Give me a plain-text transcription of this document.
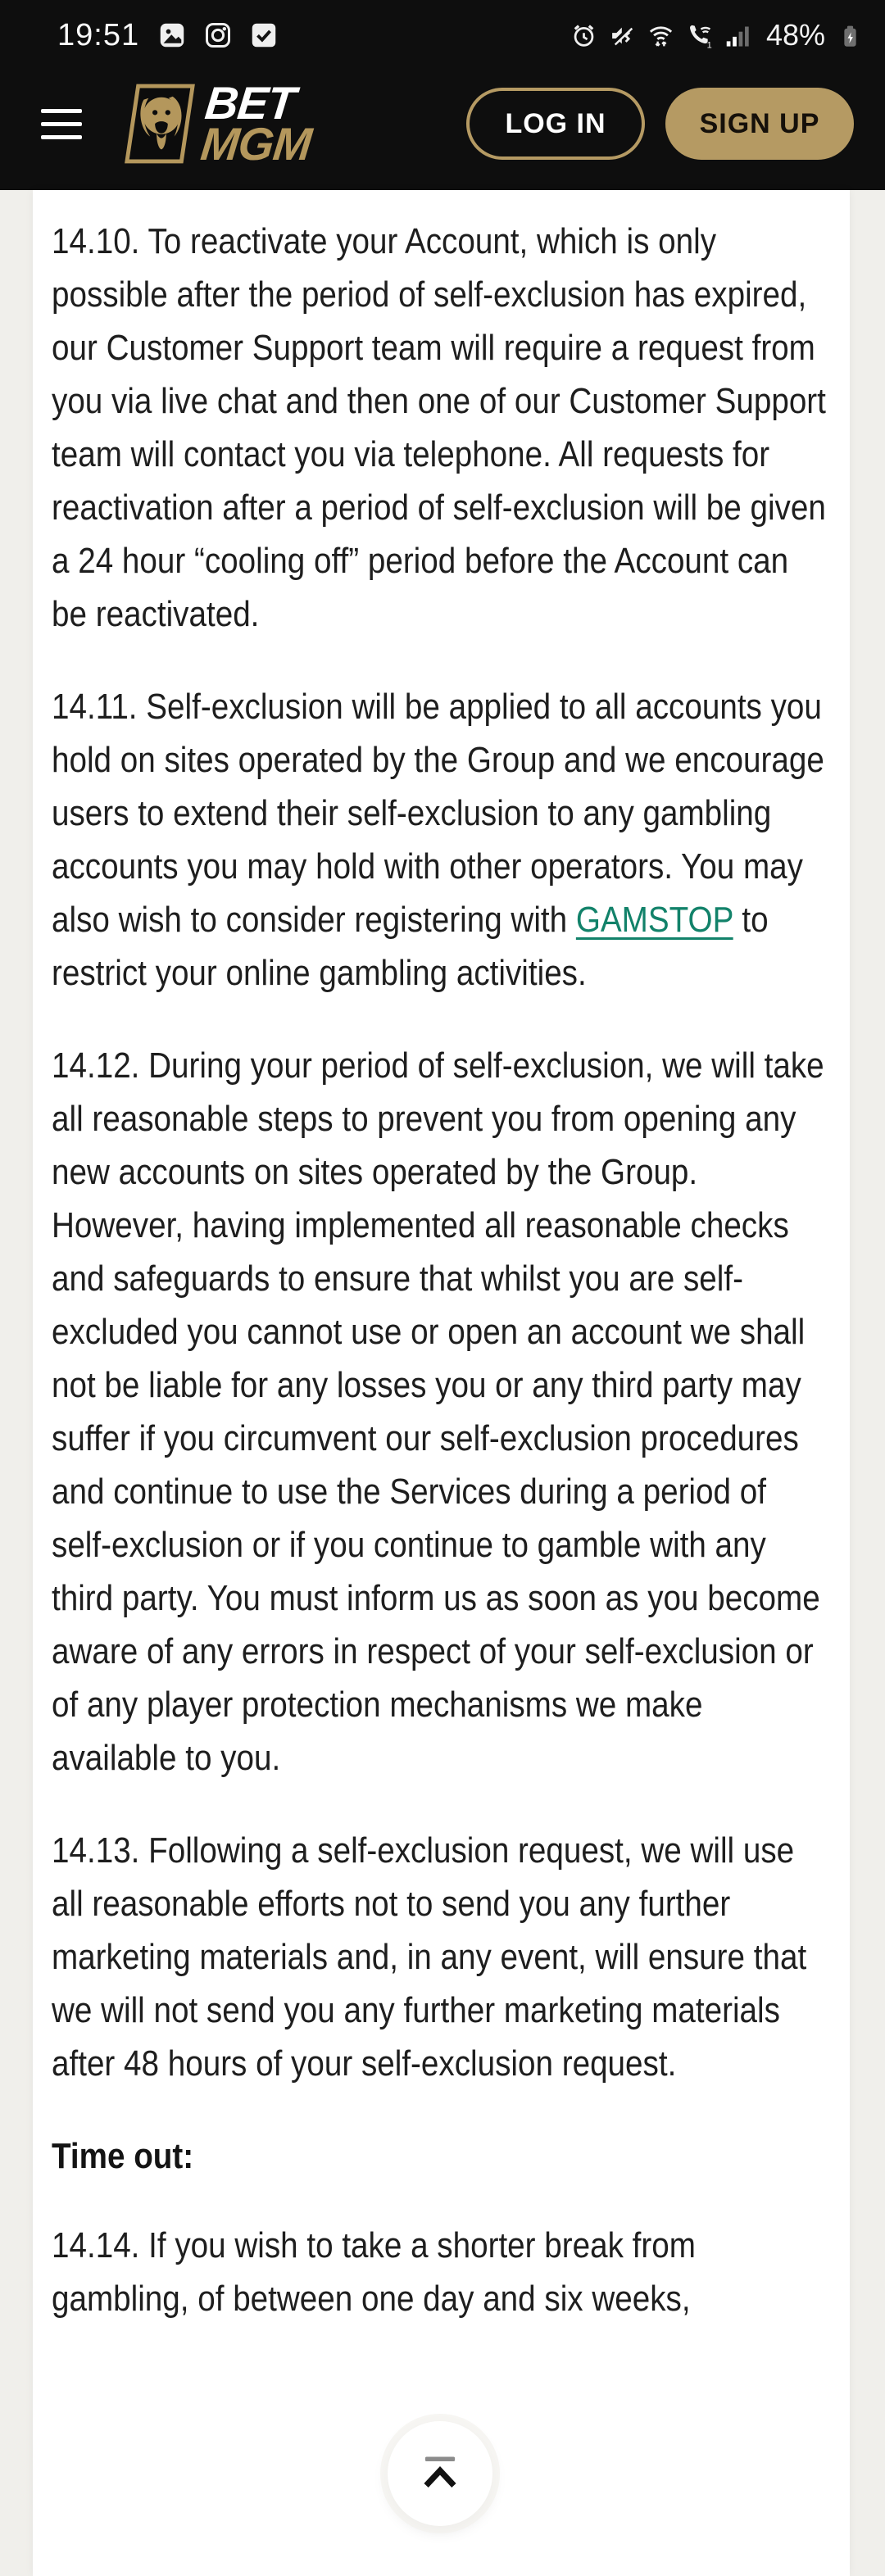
19:51	1 48%
BET
MGM	LOG IN	SIGN UP

14.10. To reactivate your Account, which is only possible after the period of self-exclusion has expired, our Customer Support team will require a request from you via live chat and then one of our Customer Support team will contact you via telephone. All requests for reactivation after a period of self-exclusion will be given a 24 hour “cooling off” period before the Account can be reactivated.

14.11. Self-exclusion will be applied to all accounts you hold on sites operated by the Group and we encourage users to extend their self-exclusion to any gambling accounts you may hold with other operators. You may also wish to consider registering with GAMSTOP to restrict your online gambling activities.

14.12. During your period of self-exclusion, we will take all reasonable steps to prevent you from opening any new accounts on sites operated by the Group. However, having implemented all reasonable checks and safeguards to ensure that whilst you are self-excluded you cannot use or open an account we shall not be liable for any losses you or any third party may suffer if you circumvent our self-exclusion procedures and continue to use the Services during a period of self-exclusion or if you continue to gamble with any third party. You must inform us as soon as you become aware of any errors in respect of your self-exclusion or of any player protection mechanisms we make available to you.

14.13. Following a self-exclusion request, we will use all reasonable efforts not to send you any further marketing materials and, in any event, will ensure that we will not send you any further marketing materials after 48 hours of your self-exclusion request.

Time out:

14.14. If you wish to take a shorter break from gambling, of between one day and six weeks,
